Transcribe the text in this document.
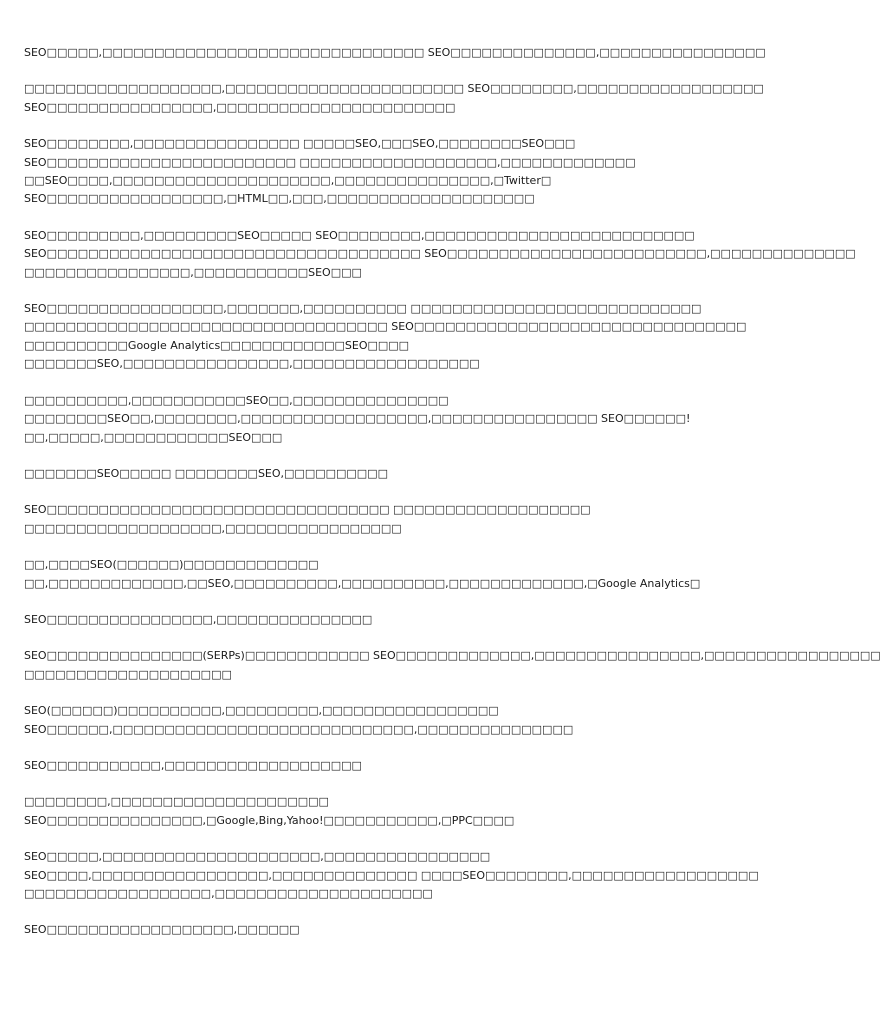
SEO□□□□□,□□□□□□□□□□□□□□□□□□□□□□□□□□□□□□□ SEO□□□□□□□□□□□□□□,□□□□□□□□□□□□□□□□
□□□□□□□□□□□□□□□□□□□,□□□□□□□□□□□□□□□□□□□□□□□ SEO□□□□□□□□,□□□□□□□□□□□□□□□□□□
SEO□□□□□□□□□□□□□□□□,□□□□□□□□□□□□□□□□□□□□□□□
SEO□□□□□□□□,□□□□□□□□□□□□□□□□ □□□□□SEO,□□□SEO,□□□□□□□□SEO□□□
SEO□□□□□□□□□□□□□□□□□□□□□□□□ □□□□□□□□□□□□□□□□□□□,□□□□□□□□□□□□□
□□SEO□□□□,□□□□□□□□□□□□□□□□□□□□□,□□□□□□□□□□□□□□□,□Twitter□
SEO□□□□□□□□□□□□□□□□□,□HTML□□,□□□,□□□□□□□□□□□□□□□□□□□□
SEO□□□□□□□□□,□□□□□□□□□SEO□□□□□ SEO□□□□□□□□,□□□□□□□□□□□□□□□□□□□□□□□□□□
SEO□□□□□□□□□□□□□□□□□□□□□□□□□□□□□□□□□□□□ SEO□□□□□□□□□□□□□□□□□□□□□□□□□,□□□□□□□□□□□□□□
□□□□□□□□□□□□□□□□,□□□□□□□□□□□SEO□□□
SEO□□□□□□□□□□□□□□□□□,□□□□□□□,□□□□□□□□□□ □□□□□□□□□□□□□□□□□□□□□□□□□□□□
□□□□□□□□□□□□□□□□□□□□□□□□□□□□□□□□□□□ SEO□□□□□□□□□□□□□□□□□□□□□□□□□□□□□□□□
□□□□□□□□□□Google Analytics□□□□□□□□□□□□SEO□□□□
□□□□□□□SEO,□□□□□□□□□□□□□□□□,□□□□□□□□□□□□□□□□□□
□□□□□□□□□□,□□□□□□□□□□□SEO□□,□□□□□□□□□□□□□□□
□□□□□□□□SEO□□,□□□□□□□□,□□□□□□□□□□□□□□□□□□,□□□□□□□□□□□□□□□□ SEO□□□□□□!
□□,□□□□□,□□□□□□□□□□□□SEO□□□
□□□□□□□SEO□□□□□ □□□□□□□□SEO,□□□□□□□□□□
SEO□□□□□□□□□□□□□□□□□□□□□□□□□□□□□□□□□ □□□□□□□□□□□□□□□□□□□
□□□□□□□□□□□□□□□□□□□,□□□□□□□□□□□□□□□□□
□□,□□□□SEO(□□□□□□)□□□□□□□□□□□□□
□□,□□□□□□□□□□□□□,□□SEO,□□□□□□□□□□,□□□□□□□□□□,□□□□□□□□□□□□□,□Google Analytics□
SEO□□□□□□□□□□□□□□□□,□□□□□□□□□□□□□□□
SEO□□□□□□□□□□□□□□□(SERPs)□□□□□□□□□□□□ SEO□□□□□□□□□□□□□,□□□□□□□□□□□□□□□□,□□□□□□□□□□□□□□□□□
□□□□□□□□□□□□□□□□□□□□
SEO(□□□□□□)□□□□□□□□□□,□□□□□□□□□,□□□□□□□□□□□□□□□□□
SEO□□□□□□,□□□□□□□□□□□□□□□□□□□□□□□□□□□□□,□□□□□□□□□□□□□□□
SEO□□□□□□□□□□□,□□□□□□□□□□□□□□□□□□□
□□□□□□□□,□□□□□□□□□□□□□□□□□□□□□
SEO□□□□□□□□□□□□□□□,□Google,Bing,Yahoo!□□□□□□□□□□□,□PPC□□□□
SEO□□□□□,□□□□□□□□□□□□□□□□□□□□□,□□□□□□□□□□□□□□□□
SEO□□□□,□□□□□□□□□□□□□□□□□,□□□□□□□□□□□□□□ □□□□SEO□□□□□□□□,□□□□□□□□□□□□□□□□□□
□□□□□□□□□□□□□□□□□□,□□□□□□□□□□□□□□□□□□□□□
SEO□□□□□□□□□□□□□□□□□□,□□□□□□
